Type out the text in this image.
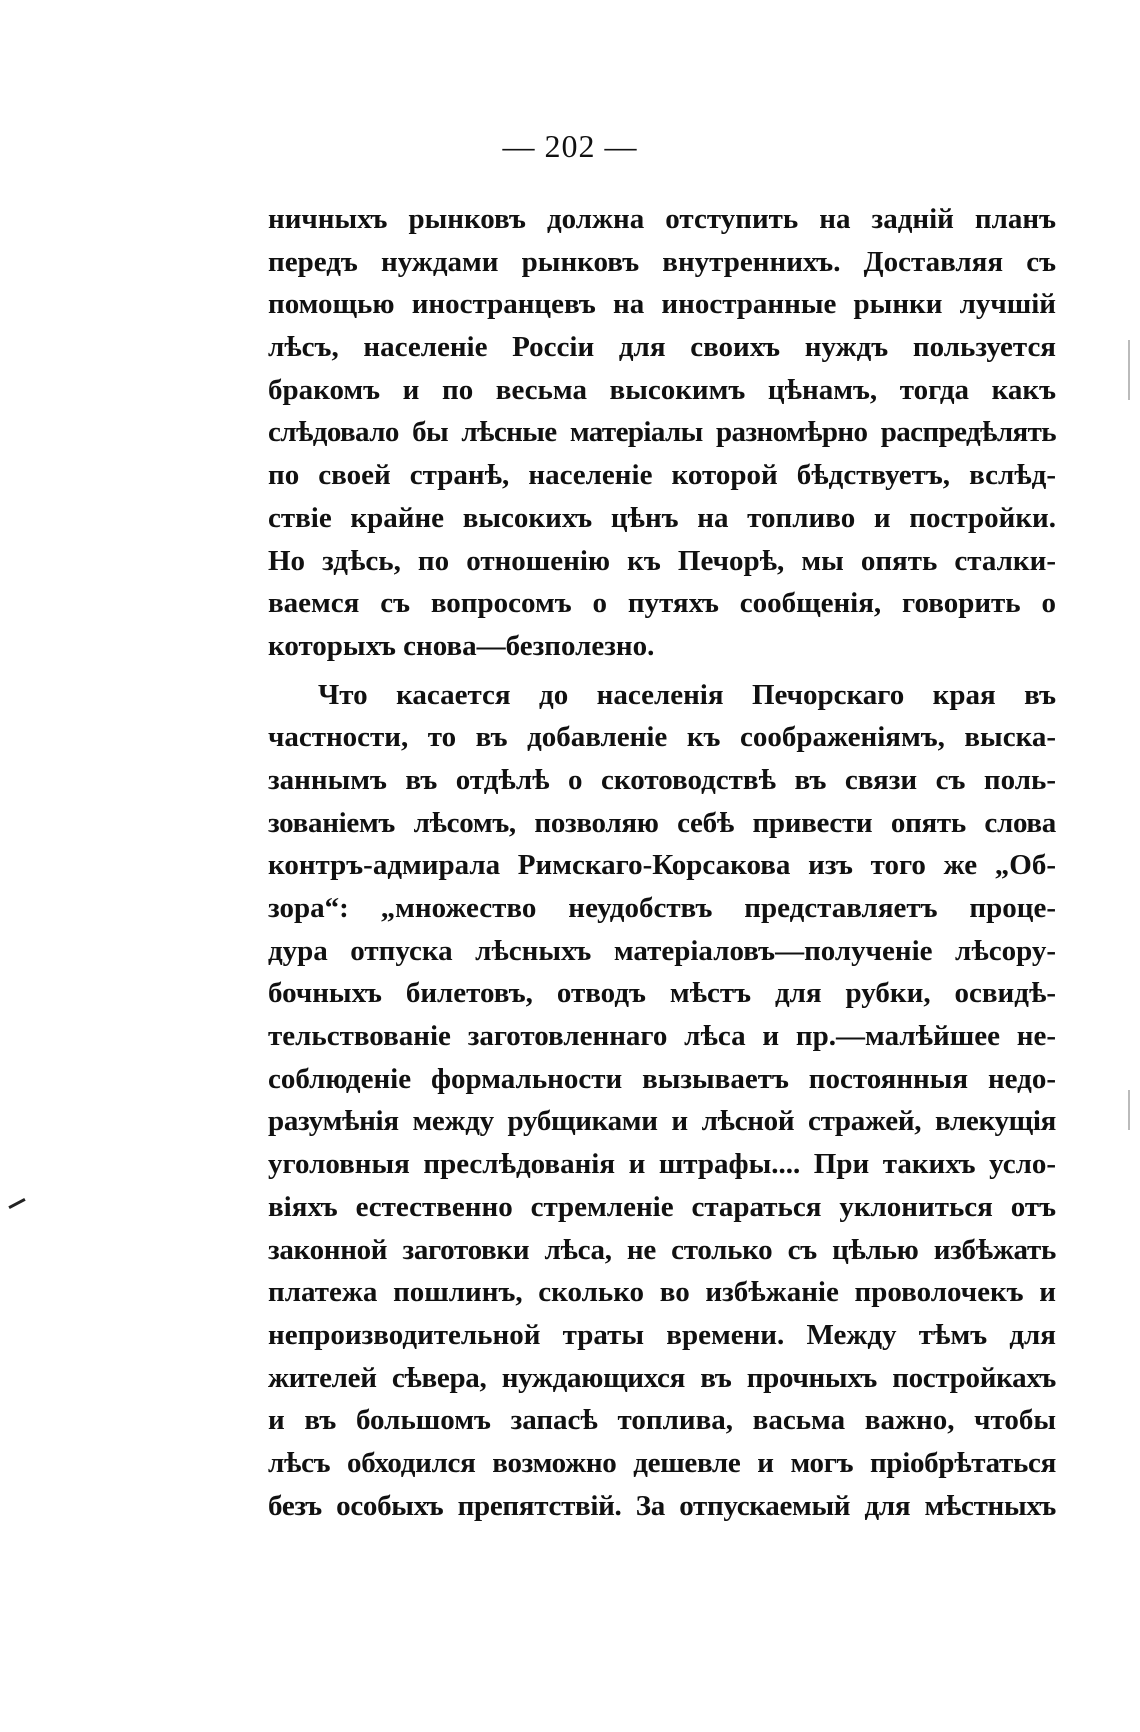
— 202 —
ничныхъ рынковъ должна отступить на задній планъ
передъ нуждами рынковъ внутреннихъ. Доставляя съ
помощью иностранцевъ на иностранные рынки лучшій
лѣсъ, населеніе Россіи для своихъ нуждъ пользуется
бракомъ и по весьма высокимъ цѣнамъ, тогда какъ
слѣдовало бы лѣсные матеріалы разномѣрно распредѣлять
по своей странѣ, населеніе которой бѣдствуетъ, вслѣд-
ствіе крайне высокихъ цѣнъ на топливо и постройки.
Но здѣсь, по отношенію къ Печорѣ, мы опять сталки-
ваемся съ вопросомъ о путяхъ сообщенія, говорить о
которыхъ снова—безполезно.
Что касается до населенія Печорскаго края въ
частности, то въ добавленіе къ соображеніямъ, выска-
заннымъ въ отдѣлѣ о скотоводствѣ въ связи съ поль-
зованіемъ лѣсомъ, позволяю себѣ привести опять слова
контръ-адмирала Римскаго-Корсакова изъ того же „Об-
зора“: „множество неудобствъ представляетъ проце-
дура отпуска лѣсныхъ матеріаловъ—полученіе лѣсору-
бочныхъ билетовъ, отводъ мѣстъ для рубки, освидѣ-
тельствованіе заготовленнаго лѣса и пр.—малѣйшее не-
соблюденіе формальности вызываетъ постоянныя недо-
разумѣнія между рубщиками и лѣсной стражей, влекущія
уголовныя преслѣдованія и штрафы.... При такихъ усло-
віяхъ естественно стремленіе стараться уклониться отъ
законной заготовки лѣса, не столько съ цѣлью избѣжать
платежа пошлинъ, сколько во избѣжаніе проволочекъ и
непроизводительной траты времени. Между тѣмъ для
жителей сѣвера, нуждающихся въ прочныхъ постройкахъ
и въ большомъ запасѣ топлива, васьма важно, чтобы
лѣсъ обходился возможно дешевле и могъ пріобрѣтаться
безъ особыхъ препятствій. За отпускаемый для мѣстныхъ
